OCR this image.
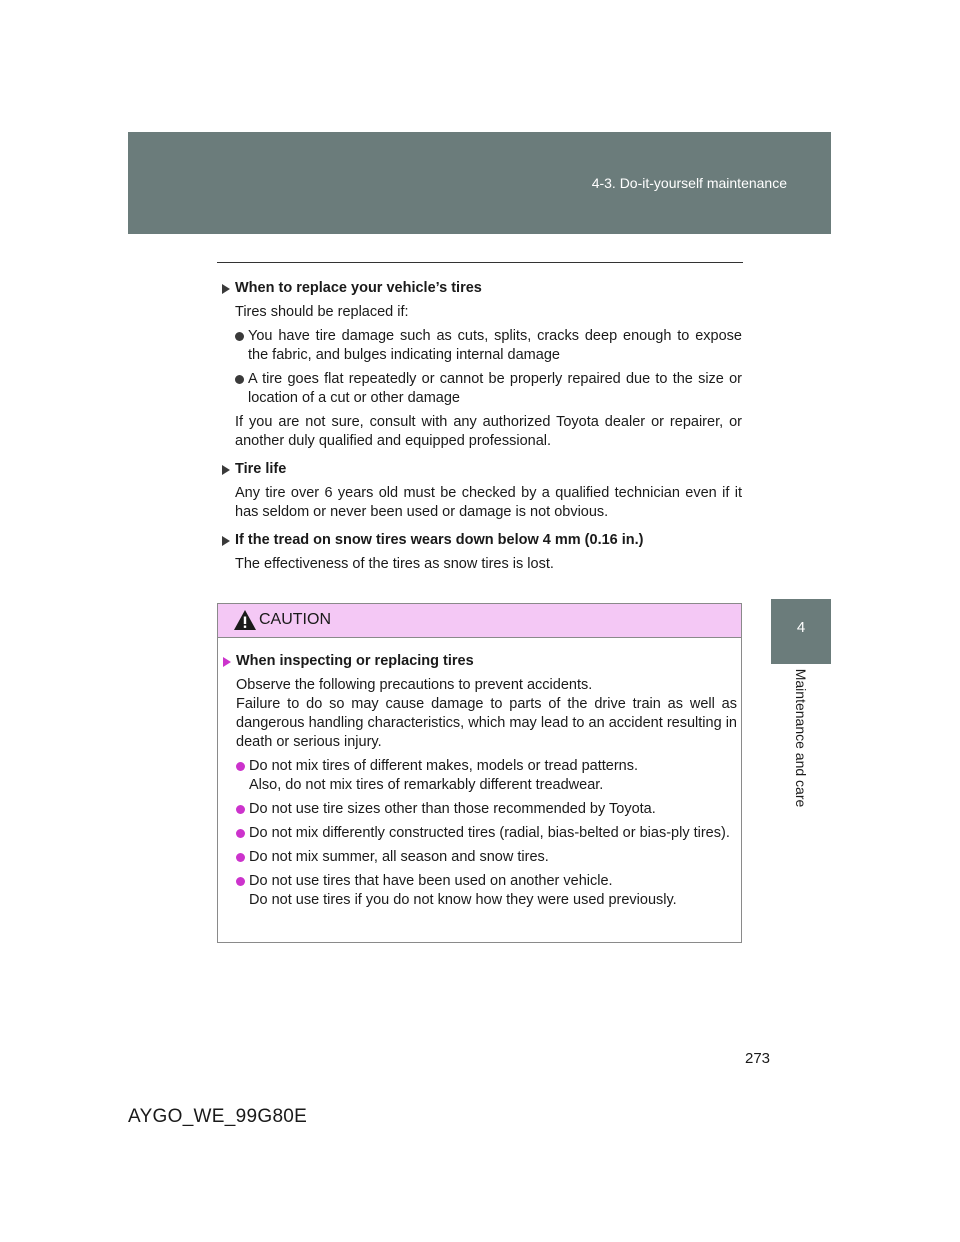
4-3. Do-it-yourself maintenance
4
Maintenance and care
When to replace your vehicle’s tires
Tires should be replaced if:
You have tire damage such as cuts, splits, cracks deep enough to expose the fabric, and bulges indicating internal damage
A tire goes flat repeatedly or cannot be properly repaired due to the size or location of a cut or other damage
If you are not sure, consult with any authorized Toyota dealer or repairer, or another duly qualified and equipped professional.
Tire life
Any tire over 6 years old must be checked by a qualified technician even if it has seldom or never been used or damage is not obvious.
If the tread on snow tires wears down below 4 mm (0.16 in.)
The effectiveness of the tires as snow tires is lost.
CAUTION
When inspecting or replacing tires
Observe the following precautions to prevent accidents.
Failure to do so may cause damage to parts of the drive train as well as dangerous handling characteristics, which may lead to an accident resulting in death or serious injury.
Do not mix tires of different makes, models or tread patterns.
Also, do not mix tires of remarkably different treadwear.
Do not use tire sizes other than those recommended by Toyota.
Do not mix differently constructed tires (radial, bias-belted or bias-ply tires).
Do not mix summer, all season and snow tires.
Do not use tires that have been used on another vehicle.
Do not use tires if you do not know how they were used previously.
273
AYGO_WE_99G80E
